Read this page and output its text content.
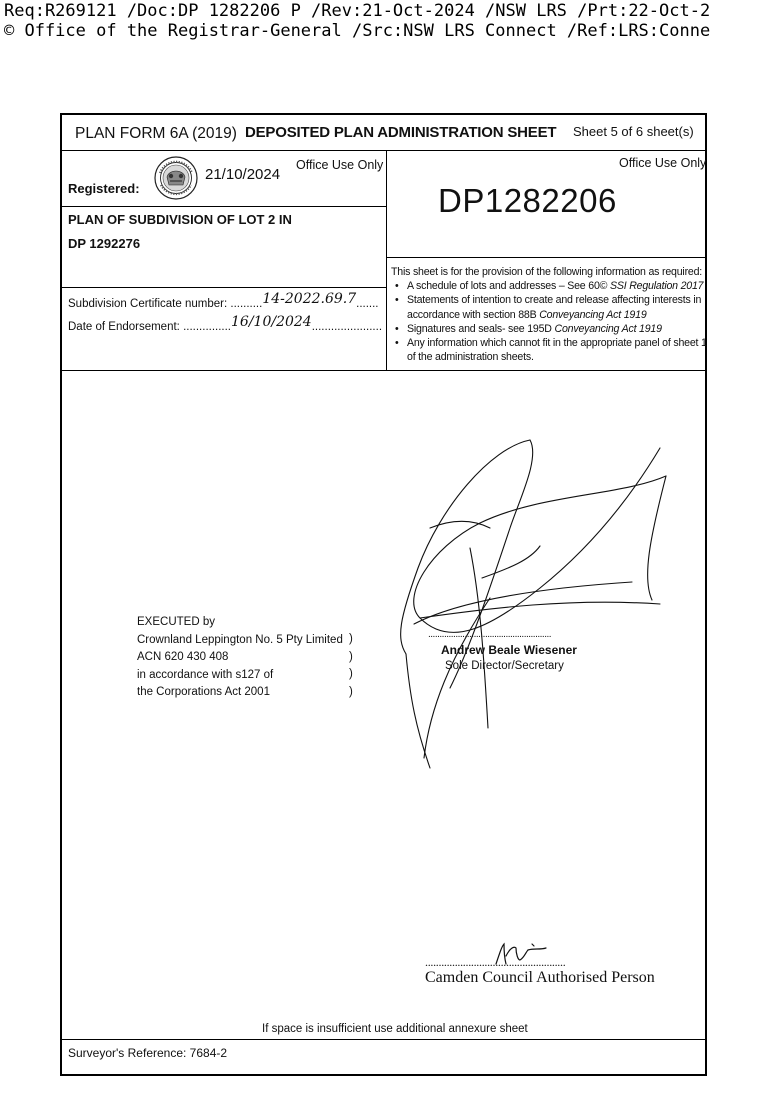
Req:R269121 /Doc:DP 1282206 P /Rev:21-Oct-2024 /NSW LRS /Prt:22-Oct-2
© Office of the Registrar-General /Src:NSW LRS Connect /Ref:LRS:Conne
PLAN FORM 6A (2019) DEPOSITED PLAN ADMINISTRATION SHEET Sheet 5 of 6 sheet(s)
Office Use Only
Registered:
21/10/2024
PLAN OF SUBDIVISION OF LOT 2 IN
DP 1292276
Subdivision Certificate number: ..........14-2022.69.7.......
Date of Endorsement: ...............16/10/2024......................
Office Use Only
DP1282206
This sheet is for the provision of the following information as required:
• A schedule of lots and addresses – See 60© SSI Regulation 2017
• Statements of intention to create and release affecting interests in accordance with section 88B Conveyancing Act 1919
• Signatures and seals- see 195D Conveyancing Act 1919
• Any information which cannot fit in the appropriate panel of sheet 1 of the administration sheets.
EXECUTED by
Crownland Leppington No. 5 Pty Limited
ACN 620 430 408
in accordance with s127 of
the Corporations Act 2001
)
)
)
)
......................................................
Andrew Beale Wiesener
Sole Director/Secretary
....................................................
Camden Council Authorised Person
If space is insufficient use additional annexure sheet
Surveyor's Reference: 7684-2
